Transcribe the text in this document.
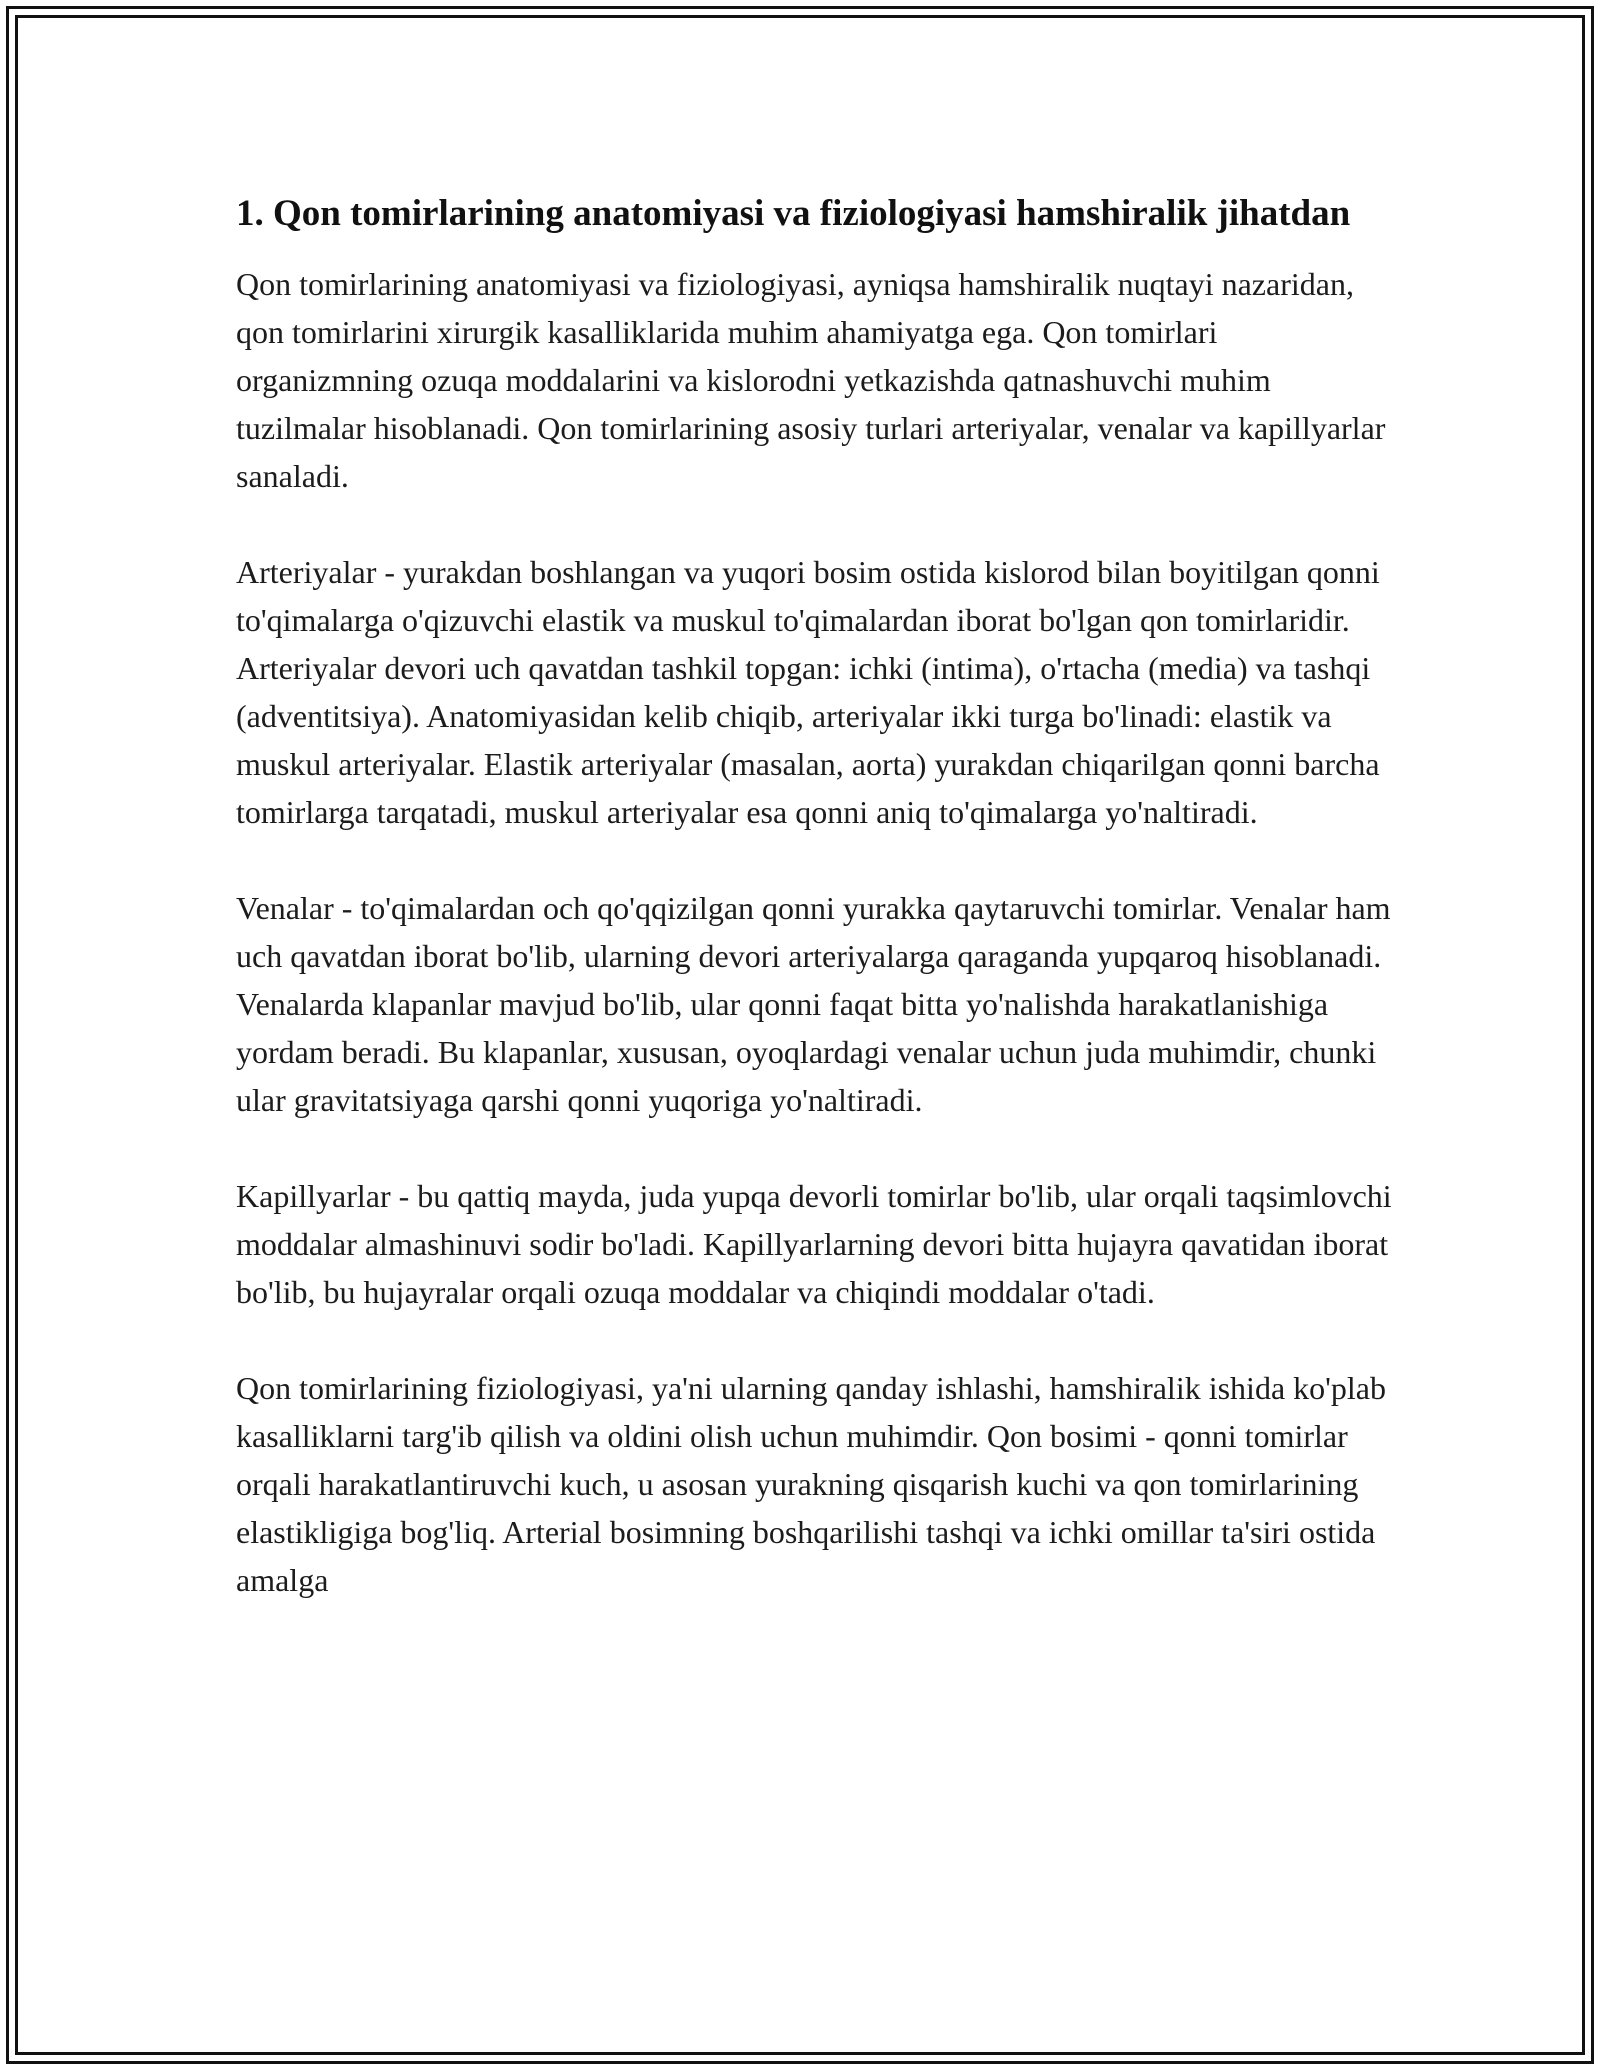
1. Qon tomirlarining anatomiyasi va fiziologiyasi hamshiralik jihatdan

Qon tomirlarining anatomiyasi va fiziologiyasi, ayniqsa hamshiralik nuqtayi nazaridan, qon tomirlarini xirurgik kasalliklarida muhim ahamiyatga ega. Qon tomirlari organizmning ozuqa moddalarini va kislorodni yetkazishda qatnashuvchi muhim tuzilmalar hisoblanadi. Qon tomirlarining asosiy turlari arteriyalar, venalar va kapillyarlar sanaladi.

Arteriyalar - yurakdan boshlangan va yuqori bosim ostida kislorod bilan boyitilgan qonni to'qimalarga o'qizuvchi elastik va muskul to'qimalardan iborat bo'lgan qon tomirlaridir. Arteriyalar devori uch qavatdan tashkil topgan: ichki (intima), o'rtacha (media) va tashqi (adventitsiya). Anatomiyasidan kelib chiqib, arteriyalar ikki turga bo'linadi: elastik va muskul arteriyalar. Elastik arteriyalar (masalan, aorta) yurakdan chiqarilgan qonni barcha tomirlarga tarqatadi, muskul arteriyalar esa qonni aniq to'qimalarga yo'naltiradi.

Venalar - to'qimalardan och qo'qqizilgan qonni yurakka qaytaruvchi tomirlar. Venalar ham uch qavatdan iborat bo'lib, ularning devori arteriyalarga qaraganda yupqaroq hisoblanadi. Venalarda klapanlar mavjud bo'lib, ular qonni faqat bitta yo'nalishda harakatlanishiga yordam beradi. Bu klapanlar, xususan, oyoqlardagi venalar uchun juda muhimdir, chunki ular gravitatsiyaga qarshi qonni yuqoriga yo'naltiradi.

Kapillyarlar - bu qattiq mayda, juda yupqa devorli tomirlar bo'lib, ular orqali taqsimlovchi moddalar almashinuvi sodir bo'ladi. Kapillyarlarning devori bitta hujayra qavatidan iborat bo'lib, bu hujayralar orqali ozuqa moddalar va chiqindi moddalar o'tadi.

Qon tomirlarining fiziologiyasi, ya'ni ularning qanday ishlashi, hamshiralik ishida ko'plab kasalliklarni targ'ib qilish va oldini olish uchun muhimdir. Qon bosimi - qonni tomirlar orqali harakatlantiruvchi kuch, u asosan yurakning qisqarish kuchi va qon tomirlarining elastikligiga bog'liq. Arterial bosimning boshqarilishi tashqi va ichki omillar ta'siri ostida amalga
